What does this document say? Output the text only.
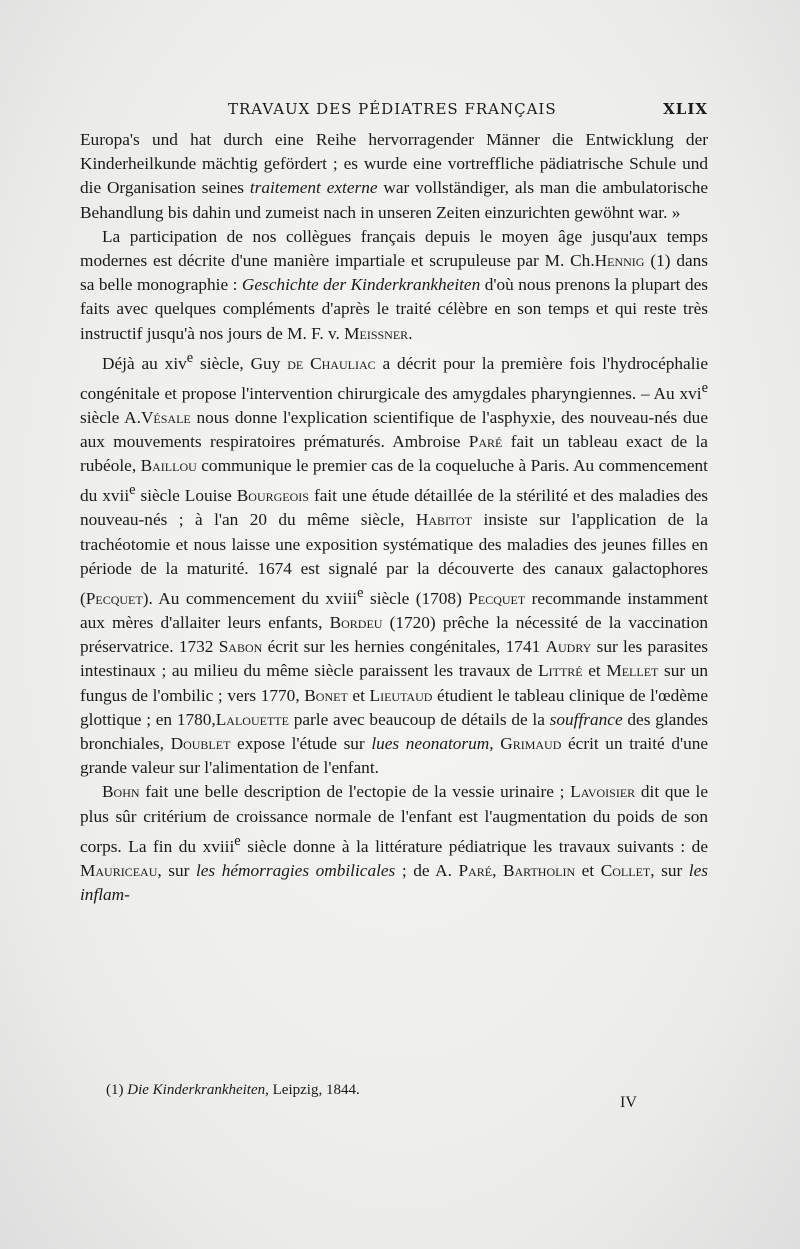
TRAVAUX DES PÉDIATRES FRANÇAIS	XLIX

Europa's und hat durch eine Reihe hervorragender Männer die Entwicklung der Kinderheilkunde mächtig gefördert ; es wurde eine vortreffliche pädiatrische Schule und die Organisation seines traitement externe war vollständiger, als man die ambulatorische Behandlung bis dahin und zumeist nach in unseren Zeiten einzurichten gewöhnt war. »

La participation de nos collègues français depuis le moyen âge jusqu'aux temps modernes est décrite d'une manière impartiale et scrupuleuse par M. Ch.Hennig (1) dans sa belle monographie : Geschichte der Kinderkrankheiten d'où nous prenons la plupart des faits avec quelques compléments d'après le traité célèbre en son temps et qui reste très instructif jusqu'à nos jours de M. F. v. Meissner.

Déjà au xiv$^e$ siècle, Guy de Chauliac a décrit pour la première fois l'hydrocéphalie congénitale et propose l'intervention chirurgicale des amygdales pharyngiennes. – Au xvi$^e$ siècle A.Vésale nous donne l'explication scientifique de l'asphyxie, des nouveau-nés due aux mouvements respiratoires prématurés. Ambroise Paré fait un tableau exact de la rubéole, Baillou communique le premier cas de la coqueluche à Paris. Au commencement du xvii$^e$ siècle Louise Bourgeois fait une étude détaillée de la stérilité et des maladies des nouveau-nés ; à l'an 20 du même siècle, Habitot insiste sur l'application de la trachéotomie et nous laisse une exposition systématique des maladies des jeunes filles en période de la maturité. 1674 est signalé par la découverte des canaux galactophores (Pecquet). Au commencement du xviii$^e$ siècle (1708) Pecquet recommande instamment aux mères d'allaiter leurs enfants, Bordeu (1720) prêche la nécessité de la vaccination préservatrice. 1732 Sabon écrit sur les hernies congénitales, 1741 Audry sur les parasites intestinaux ; au milieu du même siècle paraissent les travaux de Littré et Mellet sur un fungus de l'ombilic ; vers 1770, Bonet et Lieutaud étudient le tableau clinique de l'œdème glottique ; en 1780,Lalouette parle avec beaucoup de détails de la souffrance des glandes bronchiales, Doublet expose l'étude sur lues neonatorum, Grimaud écrit un traité d'une grande valeur sur l'alimentation de l'enfant.

Bohn fait une belle description de l'ectopie de la vessie urinaire ; Lavoisier dit que le plus sûr critérium de croissance normale de l'enfant est l'augmentation du poids de son corps. La fin du xviii$^e$ siècle donne à la littérature pédiatrique les travaux suivants : de Mauriceau, sur les hémorragies ombilicales ; de A. Paré, Bartholin et Collet, sur les inflam-

(1) Die Kinderkrankheiten, Leipzig, 1844.
IV
